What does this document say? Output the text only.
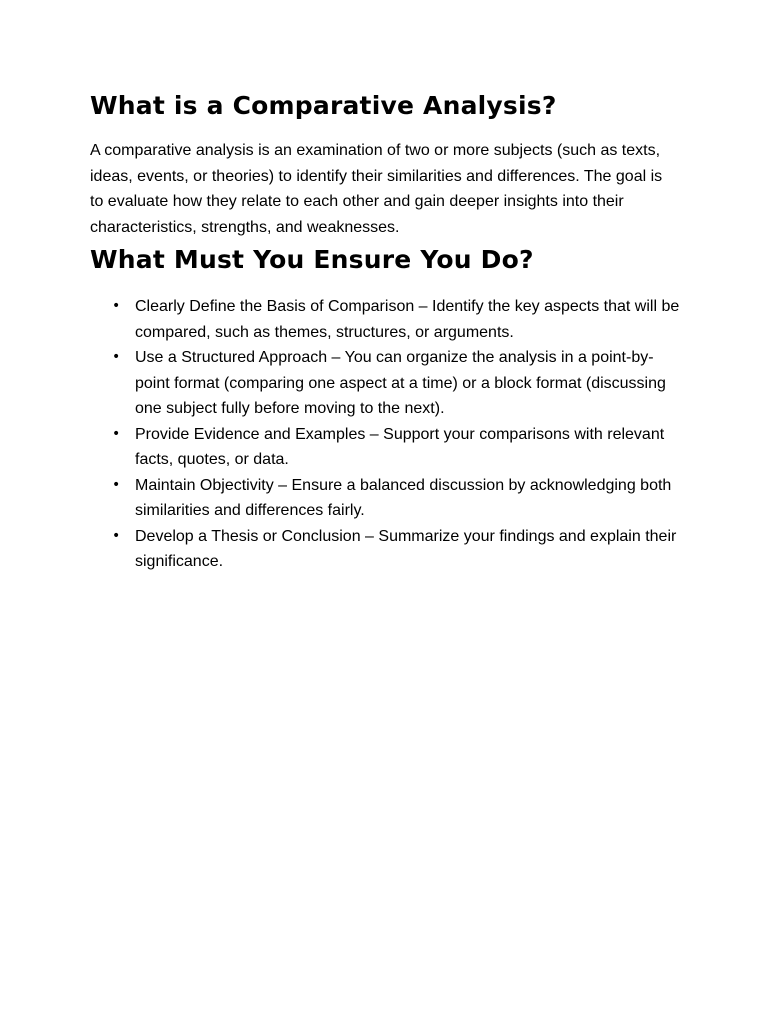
What is a Comparative Analysis?

A comparative analysis is an examination of two or more subjects (such as texts, ideas, events, or theories) to identify their similarities and differences. The goal is to evaluate how they relate to each other and gain deeper insights into their characteristics, strengths, and weaknesses.

What Must You Ensure You Do?
• Clearly Define the Basis of Comparison – Identify the key aspects that will be compared, such as themes, structures, or arguments.
• Use a Structured Approach – You can organize the analysis in a point-by-point format (comparing one aspect at a time) or a block format (discussing one subject fully before moving to the next).
• Provide Evidence and Examples – Support your comparisons with relevant facts, quotes, or data.
• Maintain Objectivity – Ensure a balanced discussion by acknowledging both similarities and differences fairly.
• Develop a Thesis or Conclusion – Summarize your findings and explain their significance.
